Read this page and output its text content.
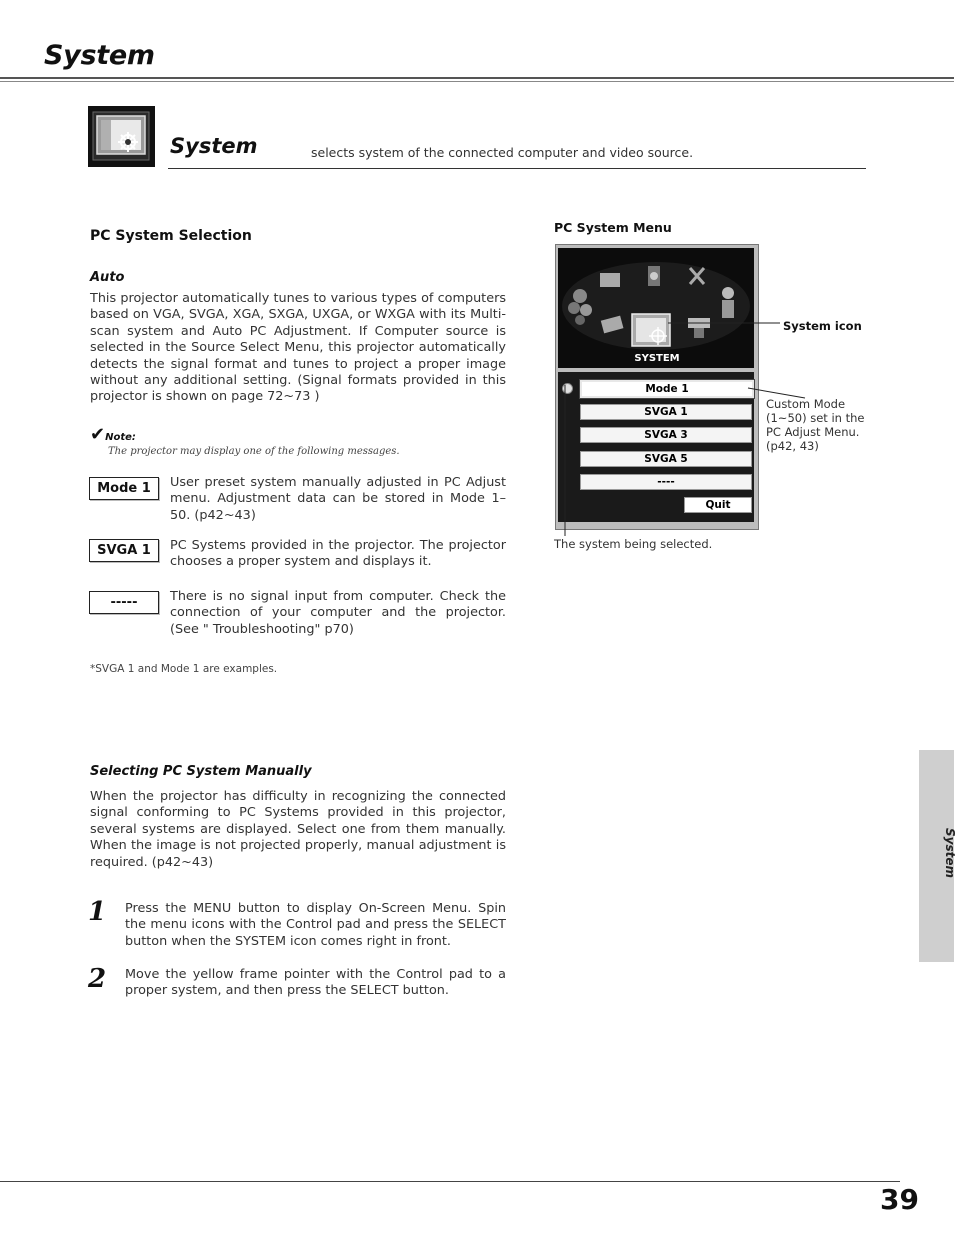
System
System	selects system of the connected computer and video source.
PC System Selection
Auto
This projector automatically tunes to various types of computers based on VGA, SVGA, XGA, SXGA, UXGA, or WXGA with its Multi-scan system and Auto PC Adjustment. If Computer source is selected in the Source Select Menu, this projector automatically detects the signal format and tunes to project a proper image without any additional setting. (Signal formats provided in this projector is shown on page 72~73 )
✔Note:
The projector may display one of the following messages.
Mode 1	User preset system manually adjusted in PC Adjust menu. Adjustment data can be stored in Mode 1–50. (p42~43)
SVGA 1	PC Systems provided in the projector. The projector chooses a proper system and displays it.
-----	There is no signal input from computer. Check the connection of your computer and the projector. (See " Troubleshooting" p70)
*SVGA 1 and Mode 1 are examples.
Selecting PC System Manually
When the projector has difficulty in recognizing the connected signal conforming to PC Systems provided in this projector, several systems are displayed. Select one from them manually. When the image is not projected properly, manual adjustment is required. (p42~43)
1 Press the MENU button to display On-Screen Menu. Spin the menu icons with the Control pad and press the SELECT button when the SYSTEM icon comes right in front.
2 Move the yellow frame pointer with the Control pad to a proper system, and then press the SELECT button.
PC System Menu
SYSTEM
Mode 1
SVGA 1
SVGA 3
SVGA 5
----
Quit
System icon
Custom Mode (1~50) set in the PC Adjust Menu. (p42, 43)
The system being selected.
System
39
